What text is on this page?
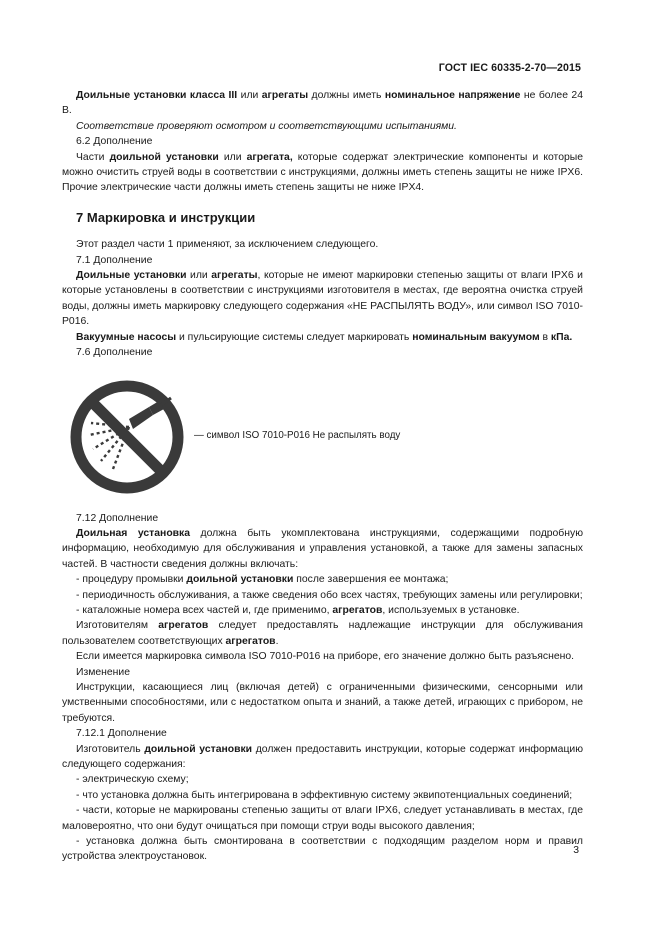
ГОСТ IEC 60335-2-70—2015

Доильные установки класса III или агрегаты должны иметь номинальное напряжение не более 24 В.

Соответствие проверяют осмотром и соответствующими испытаниями.

6.2 Дополнение

Части доильной установки или агрегата, которые содержат электрические компоненты и которые можно очистить струей воды в соответствии с инструкциями, должны иметь степень защиты не ниже IPX6. Прочие электрические части должны иметь степень защиты не ниже IPX4.

7 Маркировка и инструкции

Этот раздел части 1 применяют, за исключением следующего.

7.1 Дополнение

Доильные установки или агрегаты, которые не имеют маркировки степенью защиты от влаги IPX6 и которые установлены в соответствии с инструкциями изготовителя в местах, где вероятна очистка струей воды, должны иметь маркировку следующего содержания «НЕ РАСПЫЛЯТЬ ВОДУ», или символ ISO 7010-P016.

Вакуумные насосы и пульсирующие системы следует маркировать номинальным вакуумом в кПа.

7.6 Дополнение

— символ ISO 7010-P016 Не распылять воду

7.12 Дополнение

Доильная установка должна быть укомплектована инструкциями, содержащими подробную информацию, необходимую для обслуживания и управления установкой, а также для замены запасных частей. В частности сведения должны включать:

- процедуру промывки доильной установки после завершения ее монтажа;

- периодичность обслуживания, а также сведения обо всех частях, требующих замены или регулировки;

- каталожные номера всех частей и, где применимо, агрегатов, используемых в установке.

Изготовителям агрегатов следует предоставлять надлежащие инструкции для обслуживания пользователем соответствующих агрегатов.

Если имеется маркировка символа ISO 7010-P016 на приборе, его значение должно быть разъяснено.

Изменение

Инструкции, касающиеся лиц (включая детей) с ограниченными физическими, сенсорными или умственными способностями, или с недостатком опыта и знаний, а также детей, играющих с прибором, не требуются.

7.12.1 Дополнение

Изготовитель доильной установки должен предоставить инструкции, которые содержат информацию следующего содержания:

- электрическую схему;

- что установка должна быть интегрирована в эффективную систему эквипотенциальных соединений;

- части, которые не маркированы степенью защиты от влаги IPX6, следует устанавливать в местах, где маловероятно, что они будут очищаться при помощи струи воды высокого давления;

- установка должна быть смонтирована в соответствии с подходящим разделом норм и правил устройства электроустановок.

3
